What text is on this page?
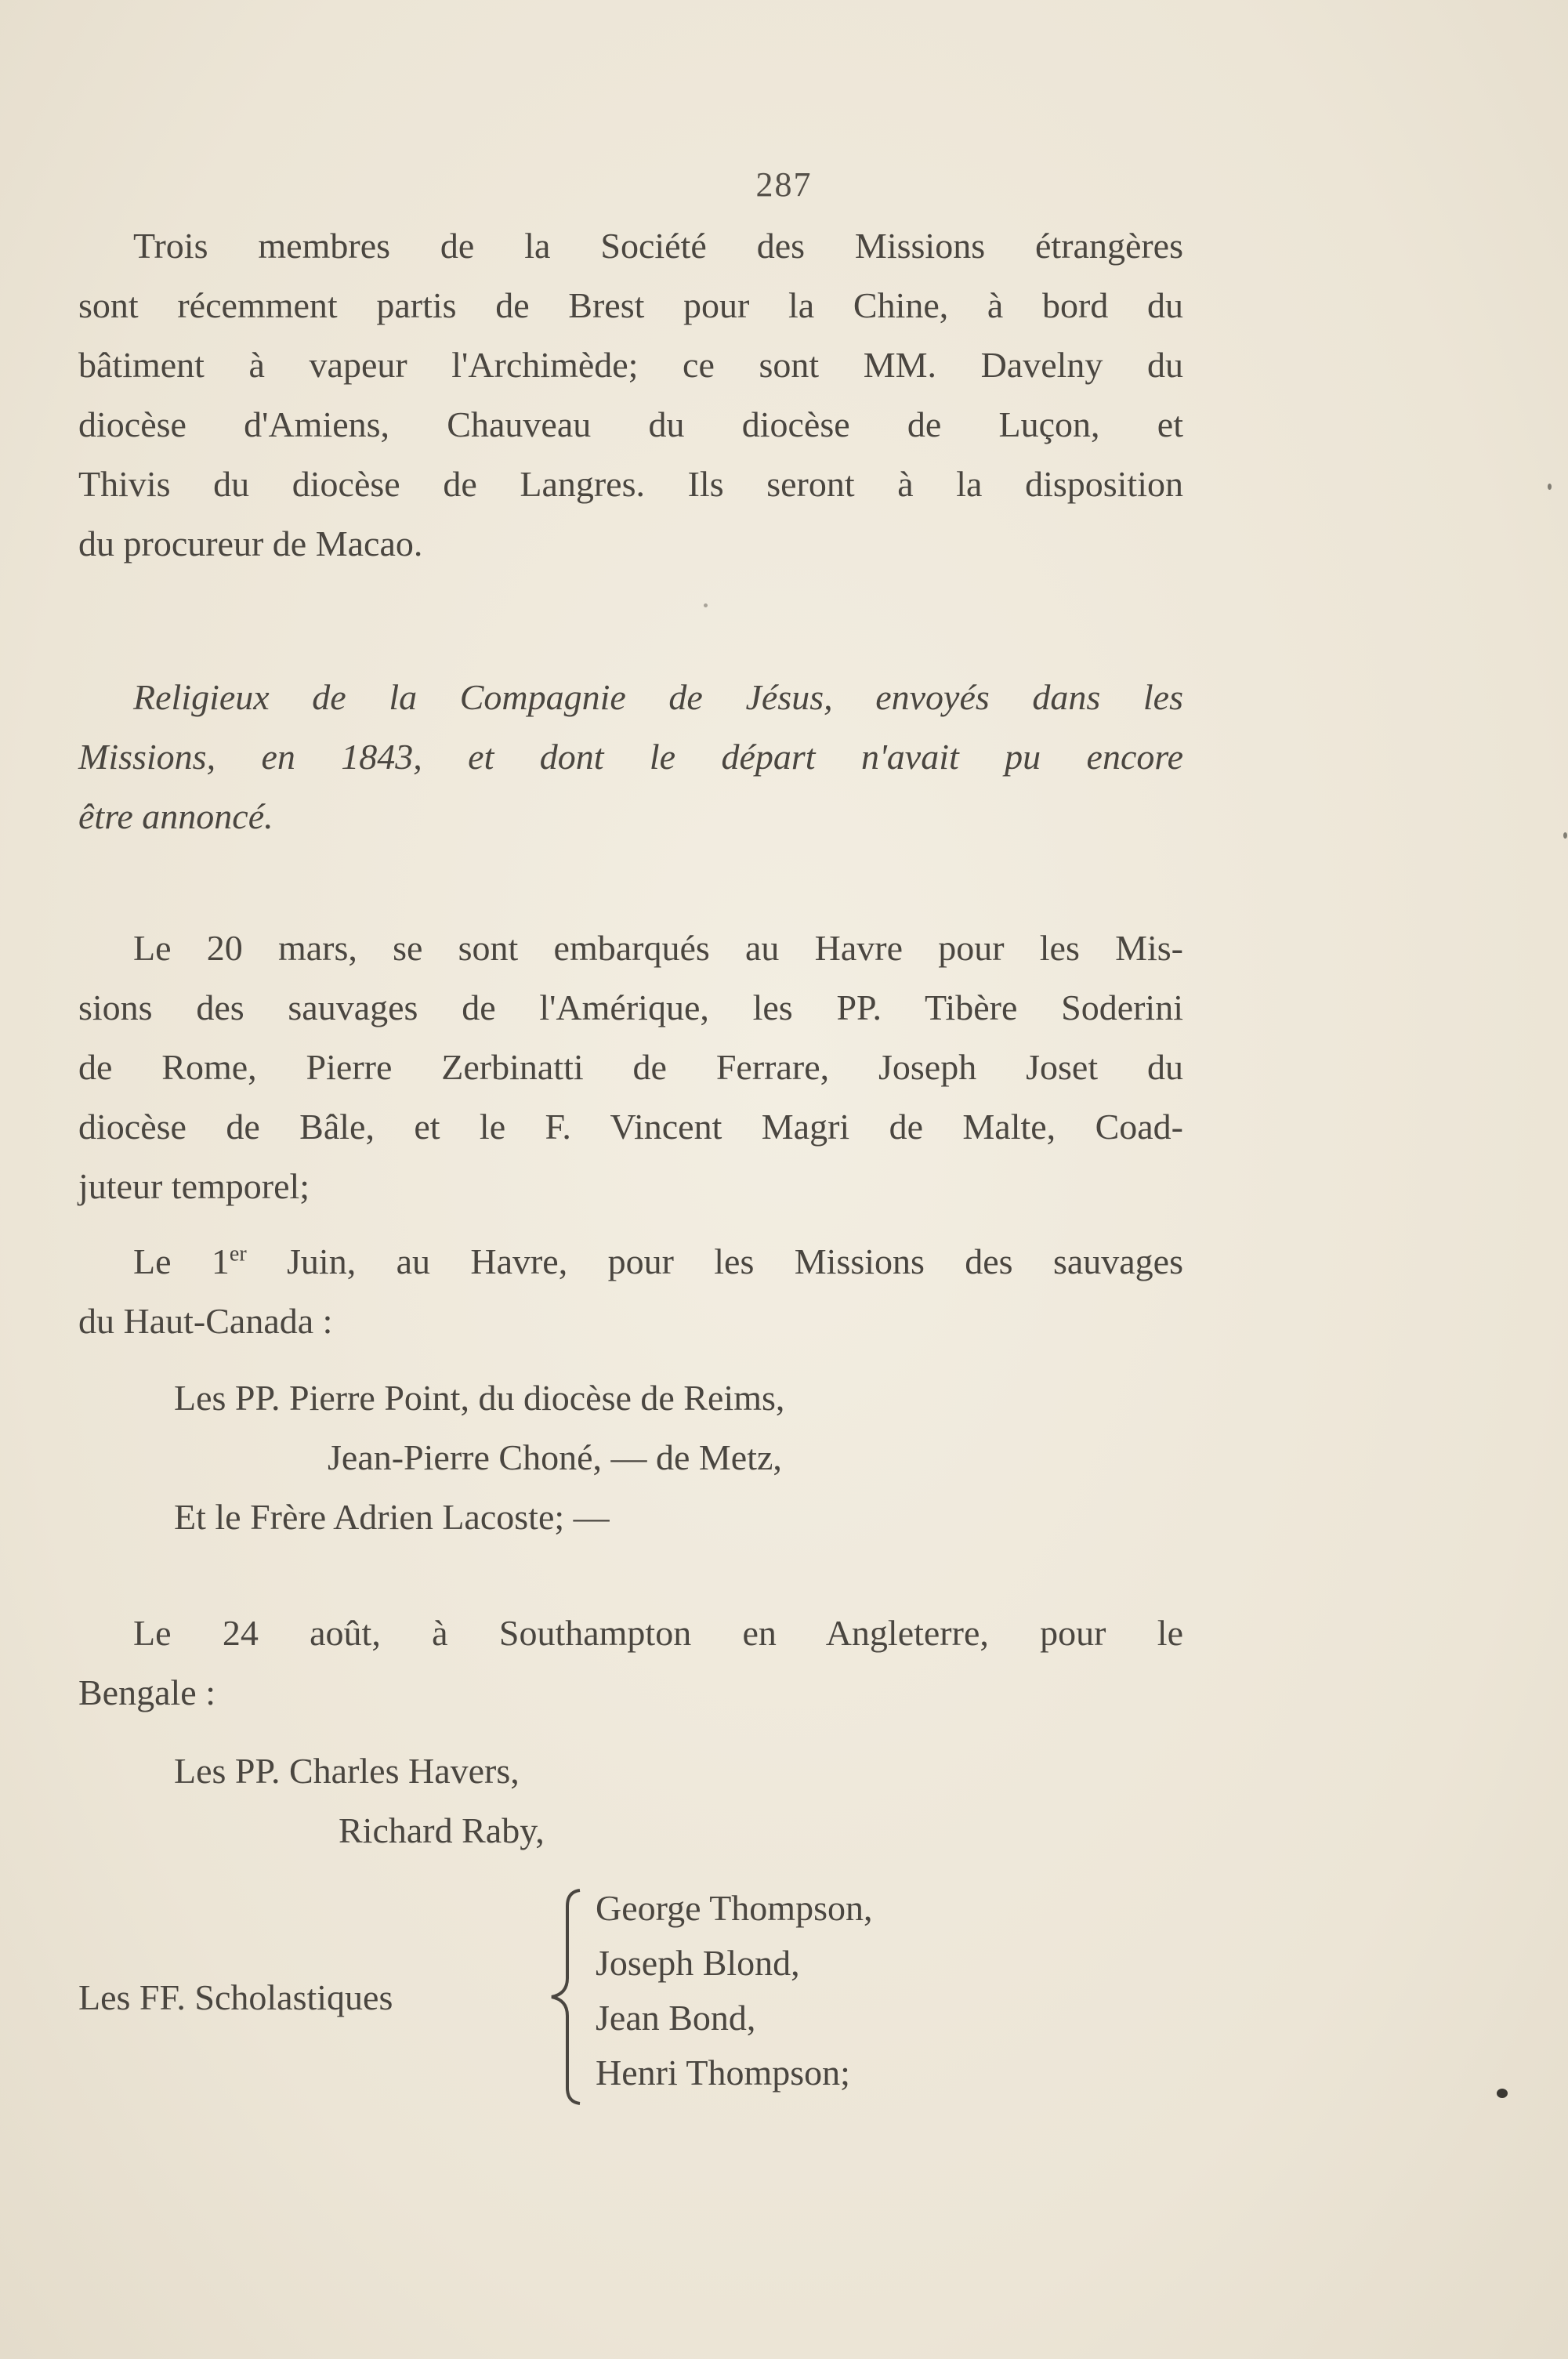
287
Trois membres de la Société des Missions étrangères
sont récemment partis de Brest pour la Chine, à bord du
bâtiment à vapeur l'Archimède; ce sont MM. Davelny du
diocèse d'Amiens, Chauveau du diocèse de Luçon, et
Thivis du diocèse de Langres. Ils seront à la disposition
du procureur de Macao.
Religieux de la Compagnie de Jésus, envoyés dans les
Missions, en 1843, et dont le départ n'avait pu encore
être annoncé.
Le 20 mars, se sont embarqués au Havre pour les Mis-
sions des sauvages de l'Amérique, les PP. Tibère Soderini
de Rome, Pierre Zerbinatti de Ferrare, Joseph Joset du
diocèse de Bâle, et le F. Vincent Magri de Malte, Coad-
juteur temporel;
Le 1er Juin, au Havre, pour les Missions des sauvages
du Haut-Canada :
Les PP. Pierre Point, du diocèse de Reims,
Jean-Pierre Choné, — de Metz,
Et le Frère Adrien Lacoste; —
Le 24 août, à Southampton en Angleterre, pour le
Bengale :
Les PP. Charles Havers,
Richard Raby,
Les FF. Scholastiques
George Thompson,
Joseph Blond,
Jean Bond,
Henri Thompson;
